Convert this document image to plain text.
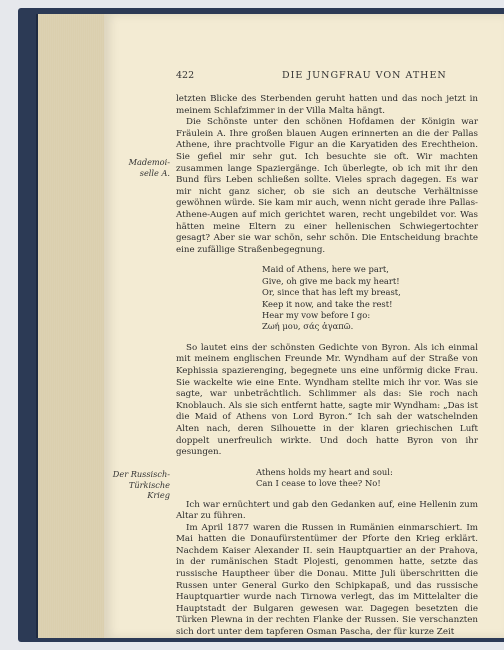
422	DIE JUNGFRAU VON ATHEN
Mademoi-
selle A.
Der Russisch-
Türkische
Krieg

letzten Blicke des Sterbenden geruht hatten und das noch jetzt in meinem Schlafzimmer in der Villa Malta hängt.

Die Schönste unter den schönen Hofdamen der Königin war Fräulein A. Ihre großen blauen Augen erinnerten an die der Pallas Athene, ihre prachtvolle Figur an die Karyatiden des Erechtheion. Sie gefiel mir sehr gut. Ich besuchte sie oft. Wir machten zusammen lange Spaziergänge. Ich überlegte, ob ich mit ihr den Bund fürs Leben schließen sollte. Vieles sprach dagegen. Es war mir nicht ganz sicher, ob sie sich an deutsche Verhältnisse gewöhnen würde. Sie kam mir auch, wenn nicht gerade ihre Pallas-Athene-Augen auf mich gerichtet waren, recht ungebildet vor. Was hätten meine Eltern zu einer hellenischen Schwiegertochter gesagt? Aber sie war schön, sehr schön. Die Entscheidung brachte eine zufällige Straßenbegegnung.

Maid of Athens, here we part,
Give, oh give me back my heart!
Or, since that has left my breast,
Keep it now, and take the rest!
Hear my vow before I go:
Ζωή μου, σάς ἀγαπῶ.

So lautet eins der schönsten Gedichte von Byron. Als ich einmal mit meinem englischen Freunde Mr. Wyndham auf der Straße von Kephissia spazierenging, begegnete uns eine unförmig dicke Frau. Sie wackelte wie eine Ente. Wyndham stellte mich ihr vor. Was sie sagte, war unbeträchtlich. Schlimmer als das: Sie roch nach Knoblauch. Als sie sich entfernt hatte, sagte mir Wyndham: „Das ist die Maid of Athens von Lord Byron.“ Ich sah der watschelnden Alten nach, deren Silhouette in der klaren griechischen Luft doppelt unerfreulich wirkte. Und doch hatte Byron von ihr gesungen.

Athens holds my heart and soul:
Can I cease to love thee? No!

Ich war ernüchtert und gab den Gedanken auf, eine Hellenin zum Altar zu führen.

Im April 1877 waren die Russen in Rumänien einmarschiert. Im Mai hatten die Donaufürstentümer der Pforte den Krieg erklärt. Nachdem Kaiser Alexander II. sein Hauptquartier an der Prahova, in der rumänischen Stadt Plojesti, genommen hatte, setzte das russische Hauptheer über die Donau. Mitte Juli überschritten die Russen unter General Gurko den Schipkapaß, und das russische Hauptquartier wurde nach Tirnowa verlegt, das im Mittelalter die Hauptstadt der Bulgaren gewesen war. Dagegen besetzten die Türken Plewna in der rechten Flanke der Russen. Sie verschanzten sich dort unter dem tapferen Osman Pascha, der für kurze Zeit
